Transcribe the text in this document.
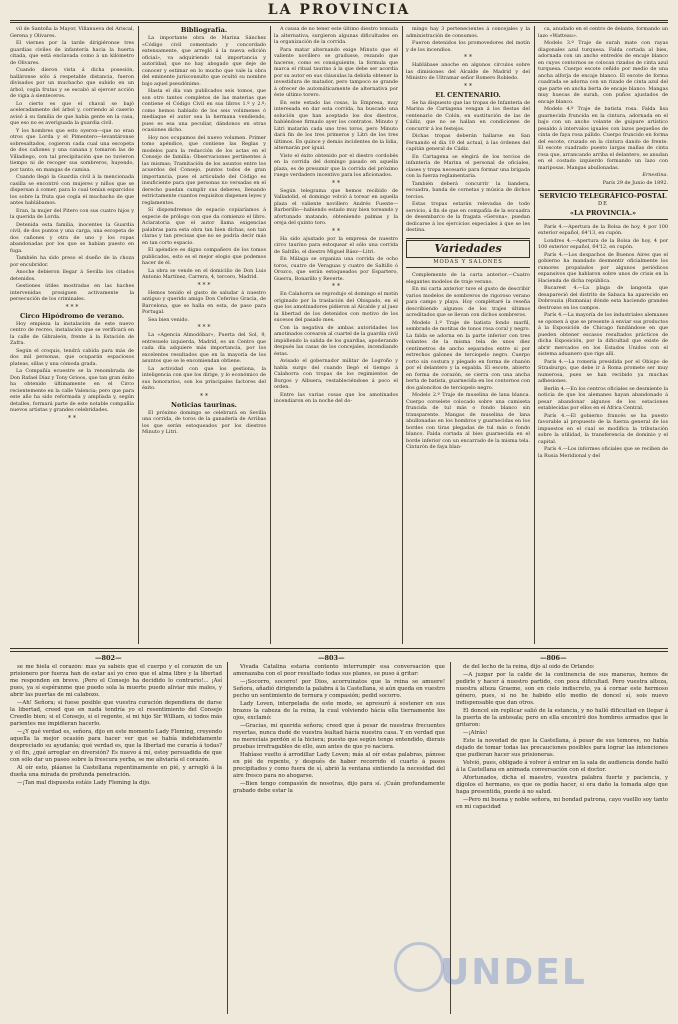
LA PROVINCIA

vil de Santoña la Mayor, Villanueva del Ariscal, Gerena y Olivares.

El viernes por la tarde dirigiéronse tres guardias civiles de infantería hacia la huerta citada, que está enclavada como á un kilómetro de Olivares.

Cuando dieron vista á dicha posesión, halláronse sólo á respetable distancia, fueron divisados por un muchacho que subido en un árbol, cogía frutas y se escabó al ejercer acción de vigía á sienteceros.

Lo cierto es que el chaval se bajó aceleradamente del árbol y, corriendo al caserío avisó á su familia de que habia gente en la casa, que eso no es averiguada la guardia civil.

Y los hombres que esto oyeron—que no eran otros que Lorda y el Pimentero—levantáronse sobresaltados, cogieron cada cual una escopeta de dos cañones y una canana y tomaron las de Villadiego, con tal precipitación que no tuvieron tiempo ni de recoger sus sombreros, huyendo, por tanto, en mangas de camisa.

Cuando llegó la Guardia civil á la mencionada casilla se encontró con mujeres y niños que se dispersan á comer, para lo cual tenían esparcidos los sobre la fruta que cogía el muchacho de que antes hablábamos.

Eran, la mujer del Pitero con sus cuatro hijos y la querida de Lorda.

Detenida esta familia, inocentes la Guardia civil, de dos puntos y una carga, una escopeta de dos cañones y otra de uno y los ropas abandonadas por los que se habían puesto en fuga.

También ha sido preso el dueño de la choza por encubridor.

Anoche debieron llegar á Sevilla los citados detenidos.

Gestiones útiles mostradas en las haches intervenidas prosiguen activamente la persecución de los criminales.

* * *

Circo Hipódromo de verano.

Hoy empieza la instalación de este nuevo centro de recreo, instalación que se verificará en la calle de Gibraleón, frente á la Estación de Zafra.

Según el croquis, tendrá cabida para más de dos mil personas, que ocuparán espaciosos plateas, sillas y una cómoda grada.

La Compañía ecuestre se la renombrada de Don Rafael Díaz y Tony Grioos, que tan gran éxito ha obtenido últimamente en el Circo recientemente en la calle Valencia; pero que para este año ha sido reformada y ampliada y, según detalles, formará parte de este notable compañía nuevos artistas y grandes celebridades.

* *

Bibliografía.

La importante obra de Marina Sánchez «Código civil comentado y concordado extensamente, que arregló á la nueva edición oficial», va adquiriendo tal importancia y autoridad, que no hay abogado que deje de conocer y estimar en lo mucho que vale la obra del eminente jurisconsulto que ocultó su nombre bajo aquel pseudónimo.

Hasta el día van publicados seis tomos, que son otro tantos completos de las materias que contiene el Código Civil en sus libros 1.º y 2.º; como hemos hablado de los seis volúmenes ó mediaque el autor sea la hermana vendiendo, pues es esa una peculiar, dándonos en otras ocasiones dicho.

Hoy nos ocupamos del nuevo volumen. Primer tomo apéndice, que contiene las Reglas y modelos para la redacción de los actas en el Consejo de familia: Observaciones pertinentes á las mismas; Tramitación de los asuntos entre los acuerdos del Consejo, puntos todos de gran importancia, pues el articulado del Código es insuficiente para que personas no versadas en el derecho puedan cumplir sus deberes, llenando estrictamente cuantos requisitos dispenen leyes y reglamentos.

Sí dispondremos de espacio copiaríamos á especie de prólogo con que da comienzo el libro. Aclaratoria que el autor llama exigencias palabras para esta obra tan bien dichas, son tan claras y tan precisas que no se podría decir más en tan corto espacio.

El apéndice es digno compañero de los tomos publicados, esto es el mejor elogio que podemos hacer de él.

La obra se vende en el domicilio de Don Luis Antonio Martínez, Carrera, 4, tercero, Madrid.

* * *

Hemos tenido el gusto de saludar á nuestro antiguo y querido amigo Don Ceferino Gracia, de Barcelona, que se halla en esta, de paso para Portugal.

Sea bien venido.

* * *

La «Agencia Almodóbar», Puerta del Sol, 9, entresuelo izquierda, Madrid, es un Centro que cada día adquiere más importancia, por los excelentes resultados que en la mayoría de los asuntos que se le encomiendan obtiene.

La actividad con que los gestiona, la inteligencia con que los dirige, y lo económico de sus honorarios, son los principales factores del éxito.

* *

Noticias taurinas.

El próximo domingo se celebrará en Sevilla una corrida, de toros de la ganadería de Arribas los que serán estoqueados por los diestros Minuto y Litri.

A causa de no tener este último diestro tomada la alternativa, surgieron algunas dificultades en la organización de la corrida.

Para matar alternando exige Minuto que el valiente novillero se gradusse, rezando que hacerse, como es consiguiente, la formula que marca el ritual taurino á la que debe ser acordia por su autor en sus cláusulas la debida obtener la investidura de matador, pero tampoco se grande á ofrecer de automáticamente de alternativa por éste ultimo torero.

En este estado las cosas, la Empresa, muy interesada en dar esta corrida, ha buscado una solución que han aceptado los dos diestros, habiéndose firmado ayer los contratos. Minuto y Litri matarán cada uno tres toros, pero Minuto dará fin de los tres primeros y Litri de los tres últimos. En quince y demás incidentes de la lidia, alternarán por igual.

Visto el éxito obtenido por el diestro cordobés en la corrida del domingo pasado en aquella plaza, es de presumir que la corrida del próximo ruego verdadero incentivo para los aficionados.

* *

Según telegrama que hemos recibido de Valladolid, el domingo volvió á torear en aquella plaza el valiente novillero Andrés Fuente—Barberillo—habiendo estado muy bien toreando y afortunado matando, obteniendo palmas y la oreja del quinto toro.

* *

Ha sido ajustado por la empresa de nuestro circo taurino para estoquear el sólo una corrida de Saltillo, el diestro Miguel Báez—Litri.

En Málaga se organiza una corrida de ocho toros, cuatro de Veraguas y cuatro de Saltillo ó Orozco, que serán estoqueados por Espartero, Guerra, Bonarillo y Reverte.

* *

En Calahorra se reprodujo el domingo el motín originado por la traslación del Obispado, en el que los amotinadores pidieron al Alcalde y al juez la libertad de los detenidos con motivo de los sucesos del pasado mes.

Con la negativa de ambas autoridades los amotinados corearon al cuartel de la guardia civil impidiendo la salida de los guardias, apoderando después las casas de los concejales, incendiando éstas.

Avisado el gobernador militar de Logroño y habla surgo del cuando llegó el tiempo á Calahorra con tropas de los regimientos de Burgos y Albuera, restableciéndose á poco el orden.

Entre las varias cosas que los amotinados incendiaron en la noche del do-

mingo hay 3 pertenecientes á concejales y la administración de consumos.

Fueron detenidos los promovedores del motín y de los incendios.

* *

Hablábase anoche en algunos círculos sobre las dimisiones del Alcalde de Madrid y del Ministro de Ultramar señor Romero Robledo.

* *

EL CENTENARIO.

Se ha dispuesto que las tropas de Infantería de Marina de Cartagena vengan á los fiestas del centenario de Colón, en sustitución de las de Cádiz, que no se hallan en condiciones de concurrir á los festejos.

Dichas tropas deberán hallarse en San Fernando el día 10 del actual, á las órdenes del capitán general de Cádiz.

En Cartagena se elegirá de los tercios de infantería de Marina el personal de oficiales, clases y tropa necesario para formar una brigada con la fuerza reglamentaria.

También deberá concurrir la bandera, escuadra, banda de cornetas y música de dichos tercios.

Estas tropas estarán relevadas de todo servicio, á fin de que en compañía de la escuadra de desembarco de la fragata «Gerona», puedan dedicarse á los ejercicios especiales á que se les destina.

Variedades

MODAS Y SALONES

Complemento de la carta anterior.—Cuatro elegantes modelos de traje verano.

En mi carta anterior tuve el gusto de describir varios modelos de sombreros de rigoroso verano para campo y playa. Hoy complétaré la reseña describiendo algunos de los trajes últimos acreditados que se llevan con dichos sombreros.

Modelo 1.º Traje de batista fondo marfil, sembrado de motitas de tonos rosa coral y negro. La falda se adorna en la parte inferior con tres volantes de la misma tela de unos diez centímetros de ancho separados entre sí por estrechos galones de terciopelo negro. Cuerpo corto sin costura y plegado en forma de chanón por el delantero y la espalda. El escote, abierto en forma de corazón, se cierra con una ancha berta de batista, guarnecida en los contornos con dos galoncitos de terciopelo negro.

Modelo 2.º Traje de muselina de lana blanca. Cuerpo corselete colocado sobre una camiseta fruncida de tul más o fondo blanco sin transparente. Mangas de muselina de lana abullonadas en los hombros y guarnecidas en los bordes con tiras plegadas de tul más o fondo blanco. Falda cortada al bies guarnecida en el borde inferior con un encarrado de la misma tela. Cinturón de faya blan-

ca, anudado en el centro de delante, formando un lazo «Watteau».

Modelo 3.º Traje de surah mate con rayas diagonales azul turquesa. Falda cortada al bies, adornada con un ancho entredós de encaje blanco en cuyos contornos se colocan rizados de cinta azul turquesa. Cuerpo escote ceñido por medio de una ancha alforja de encaje blanco. El escote de forma cuadrada se adorna con un rizado de cinta azul del que parte en ancha berta de encaje blanco. Mangas muy huecas de surah, con puños ajustados de encaje blanco.

Modelo 4.º Traje de batista rosa. Falda lisa guarnecida fruncida en la cintura, adornada en el bajo con un ancho volante de guipure artístico pesaldo á intervalos iguales con lazos pequeños de cinta de faya rosa pálido. Cuerpo fruncido en forma del escote, cruzado en la cintura dando de frente. El escote cuadrado puesto largas mallas de cinta rosa que, arrancando arriba el delantero, se anudan en el costado izquierdo formando un lazo con mariposas. Mangas abullonadas.

Ernestina.

París 29 de Junio de 1892.

SERVICIO TELEGRÁFICO-POSTAL

DE

«LA PROVINCIA.»

París 4.—Apertura de la Bolsa de hoy, 4 por 100 exterior español, 64'13, en cupón.

Londres 4.—Apertura de la Bolsa de hoy, 4 por 100 exterior español, 64'12, en cupón.

París 4.—Los despachos de Buenos Aires que el gobierno ha mandado desmentir oficialmente los rumores propalados por algunos periódicos expansivos que hablaron sobre unos de crisis en la Hacienda de dicha república.

Bucarest 4.—La plaga de langosta que desapareció del distrito de Sabaca ha aparecido en Dobrouzia (Rumania) dónde esta haciendo grandes destrozos en los campos.

París 4.—La mayoría de los industriales alemanes se oponen á que se presente á enviar sus productos á la Exposición de Chicago fundándose en que pueden obtener escasos resultados prácticos de dicha Exposición, por la dificultad que existe de abrir mercados en los Estados Unidos con el sistema aduanero que rige allí.

París 4.—La romería presidida por el Obispo de Strasburgo, que debe ir á Roma promete ser muy numerosa, pues se han recibido ya muchas adhesiones.

Berlín 4.—En los centros oficiales se desmiente la noticia de que los alemanes hayan abandonado á pesar abandonar algunos de los estaciones establecidas por ellos en el África Central.

París 4.—El gobierno francés se ha puesto favorable al propuesto de la fuerza general de los impuestos en el cual se modifica la tributación sobre la utilidad, la transferencia de dominio y el capital.

París 4.—Los informes oficiales que se reciben de la Rusia Meridional y del

—802—	—803—	—806—

se me hiela el corazón: mas ya sabéis que el cuerpo y el corazón de un prisionero por fuerza han de estar así yo creo que el alma libre y la libertad me responden en breve. ¡Pero el Consejo ha decidido lo contrario!... ¡Así pues, ya sí espéranme que puedo sola la muerte puedo aliviar mis males, y abrir las puertas de mi calabozo.

—Ah! Señora; si fuese posible que vuestra curación dependiera de darse la libertad, creed que en nada tendría yo el resentimiento del Consejo Creedlo bien; si el Consejo, si el regente, si mi hijo Sir William, si todos más parientes me impidieran hacerlo.

—¿Y qué verdad es, señora, dijo en este momento Lady Fleming, creyendo aquella la mejor ocasión para hacer ver que se había indebidamente despreciado su ayudanía; qué verdad es, que la libertad me curaría á todas? y el fin, ¿qué arreglar en diversión? Es nuevo á mí, estoy persuadida de que con sólo dar un paseo sobre la frescura yerba, se me aliviaría el corazón.

Al oír esto, pláanse la Castellana repentinamente en pié, y arregló á la dueña una mirada de profunda penetración.

—¡Tan mal dispuesta estáis Lady Fleming la dijo.

Vivada Catalina estaría contento interrumpir esa conversación que amenazaba con el peor resultado todas sus planes, se puso á gritar:

—¡Socorro, socorro! por Dios, acorruinatos que la reina se amuere! Señora, añadió dirigiendo la palabra á la Castellana, si aún queda en vuestro pecho un sentimiento de ternura y compasión; pedid socorro.

Lady Loven, interpelada de este modo, se apresuró á sostener en sus brazos la cabeza de la reina, la cual volviendo hácia ella tiernamente los ojos, exclamó:

—Gracias, mi querida señora; creed que á pesar de nuestras frecuentes reyertas, nunca dudé de vuestra lealtad hácia nuestra casa. Y en verdad que no merecíais perdón si la hiciera; puesto que según tengo entendido, dierais pruebas irrefragables de ello, aun antes de que yo naciera.

Habíase vuelto á arrodillar Lady Loven; más al oír estas palabras, pánose en pié de repente, y después de haber recorrido el cuarto á pasos precipitados y como fuera de sí, abrió la ventana sintiendo la necesidad del aire fresco para no ahogarse.

—Bien tengo compasión de nosotras, dijo para sí. ¡Cuán profundamente grabado debe estar la

de del lecho de la reina, dijo al oído de Orlando:

—A juzgar por la calde de la continencia de sus maneras, hemos de pedirle y hacer á nuestro partido, con poca dificultad. Pero vuestra alteza, nuestra alteza Graeme, son en cielo indiscreto, ya á cornar este hermoso género, pues, si no he habido ello medio de doncel sí, sois nuevo indispensable que dan otros.

El doncel sin replicar salió de la estancia, y no halló dificultad en llegar á la puerta de la antesala; pero en ella encontró dos hombres armados que le gritaron:

—¡Atrás!

Este la novedad de que la Castellana, á pesar de sus temores, no había dejado de tomar todas las precauciones posibles para lograr las intenciones que pudieran hacer sus prisioneras.

Volvió, pues, obligado á volver á entrar en la sala de audiencia donde halló á la Castellana en animada conversación con el doctor.

Afortunados, dicha el maestro, vuestra palabra fuerte y paciencia, y dígolos el hermano, es que os podía hacer, si era daño la tomada algo que haga presentida, puede á no salud.

—Pero mi buena y noble señora, mi bondad patrona, cayo vuelllo soy tanto en mi capacidad

UNDEL
